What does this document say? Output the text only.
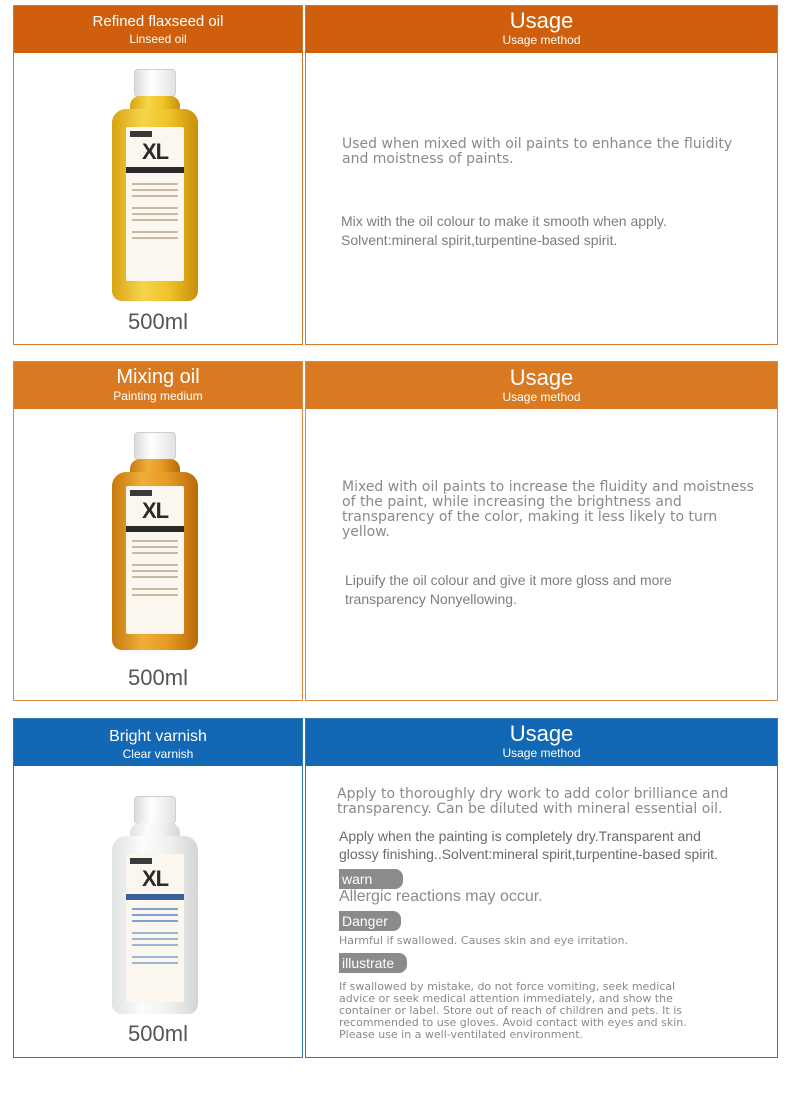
Refined flaxseed oil
Linseed oil
XL
500ml
Usage
Usage method
Used when mixed with oil paints to enhance the fluidity and moistness of paints.
Mix with the oil colour to make it smooth when apply.
Solvent:mineral spirit,turpentine-based spirit.
Mixing oil
Painting medium
XL
500ml
Usage
Usage method
Mixed with oil paints to increase the fluidity and moistness of the paint, while increasing the brightness and transparency of the color, making it less likely to turn yellow.
Lipuify the oil colour and give it more gloss and more
transparency Nonyellowing.
Bright varnish
Clear varnish
XL
500ml
Usage
Usage method
Apply to thoroughly dry work to add color brilliance and transparency. Can be diluted with mineral essential oil.
Apply when the painting is completely dry.Transparent and
glossy finishing..Solvent:mineral spirit,turpentine-based spirit.
warn
Allergic reactions may occur.
Danger
Harmful if swallowed. Causes skin and eye irritation.
illustrate
If swallowed by mistake, do not force vomiting, seek medical advice or seek medical attention immediately, and show the container or label. Store out of reach of children and pets. It is recommended to use gloves. Avoid contact with eyes and skin. Please use in a well-ventilated environment.
